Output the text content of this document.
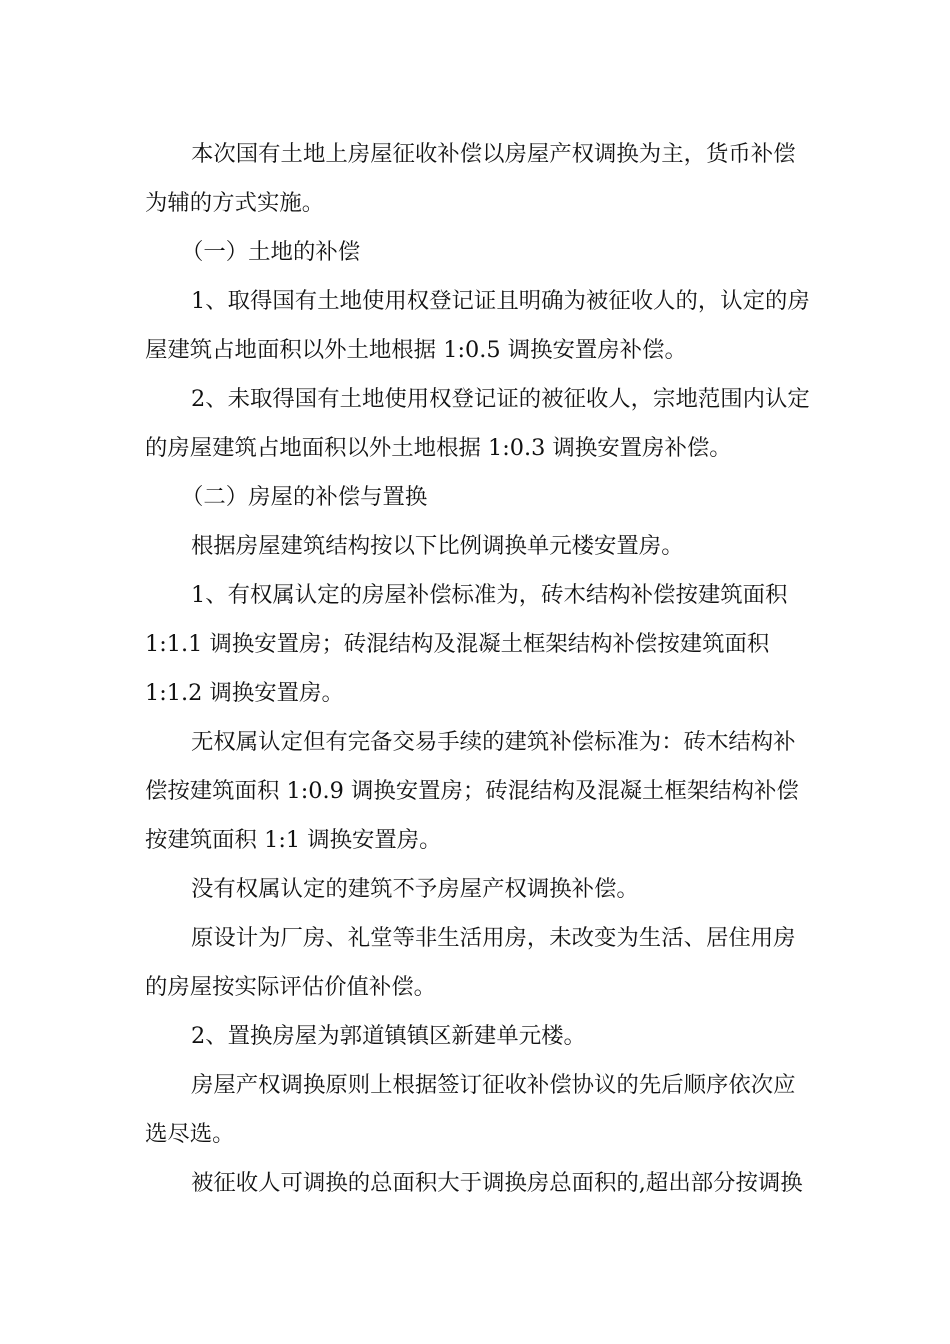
本次国有土地上房屋征收补偿以房屋产权调换为主，货币补偿
为辅的方式实施。
（一）土地的补偿
1、取得国有土地使用权登记证且明确为被征收人的，认定的房
屋建筑占地面积以外土地根据 1:0.5 调换安置房补偿。
2、未取得国有土地使用权登记证的被征收人，宗地范围内认定
的房屋建筑占地面积以外土地根据 1:0.3 调换安置房补偿。
（二）房屋的补偿与置换
根据房屋建筑结构按以下比例调换单元楼安置房。
1、有权属认定的房屋补偿标准为，砖木结构补偿按建筑面积
1:1.1 调换安置房；砖混结构及混凝土框架结构补偿按建筑面积
1:1.2 调换安置房。
无权属认定但有完备交易手续的建筑补偿标准为：砖木结构补
偿按建筑面积 1:0.9 调换安置房；砖混结构及混凝土框架结构补偿
按建筑面积 1:1 调换安置房。
没有权属认定的建筑不予房屋产权调换补偿。
原设计为厂房、礼堂等非生活用房，未改变为生活、居住用房
的房屋按实际评估价值补偿。
2、置换房屋为郭道镇镇区新建单元楼。
房屋产权调换原则上根据签订征收补偿协议的先后顺序依次应
选尽选。
被征收人可调换的总面积大于调换房总面积的,超出部分按调换
